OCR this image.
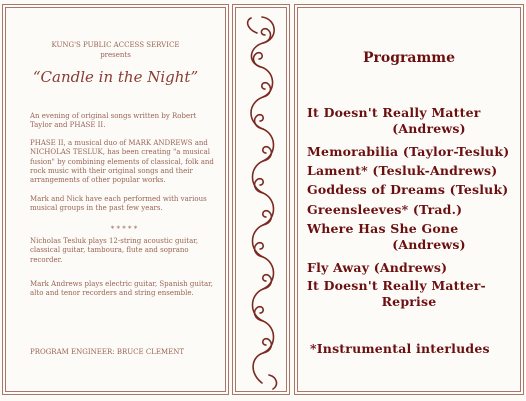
KUNG'S PUBLIC ACCESS SERVICE
presents
“Candle in the Night”
An evening of original songs written by Robert Taylor and PHASE II.
PHASE II, a musical duo of MARK ANDREWS and NICHOLAS TESLUK, has been creating "a musical fusion" by combining elements of classical, folk and rock music with their original songs and their arrangements of other popular works.
Mark and Nick have each performed with various musical groups in the past few years.
* * * * *
Nicholas Tesluk plays 12-string acoustic guitar, classical guitar, tamboura, flute and soprano recorder.
Mark Andrews plays electric guitar, Spanish guitar, alto and tenor recorders and string ensemble.
PROGRAM ENGINEER: BRUCE CLEMENT
Programme
It Doesn't Really Matter
(Andrews)
Memorabilia (Taylor-Tesluk)
Lament* (Tesluk-Andrews)
Goddess of Dreams (Tesluk)
Greensleeves* (Trad.)
Where Has She Gone
(Andrews)
Fly Away (Andrews)
It Doesn't Really Matter-
Reprise
*Instrumental interludes
